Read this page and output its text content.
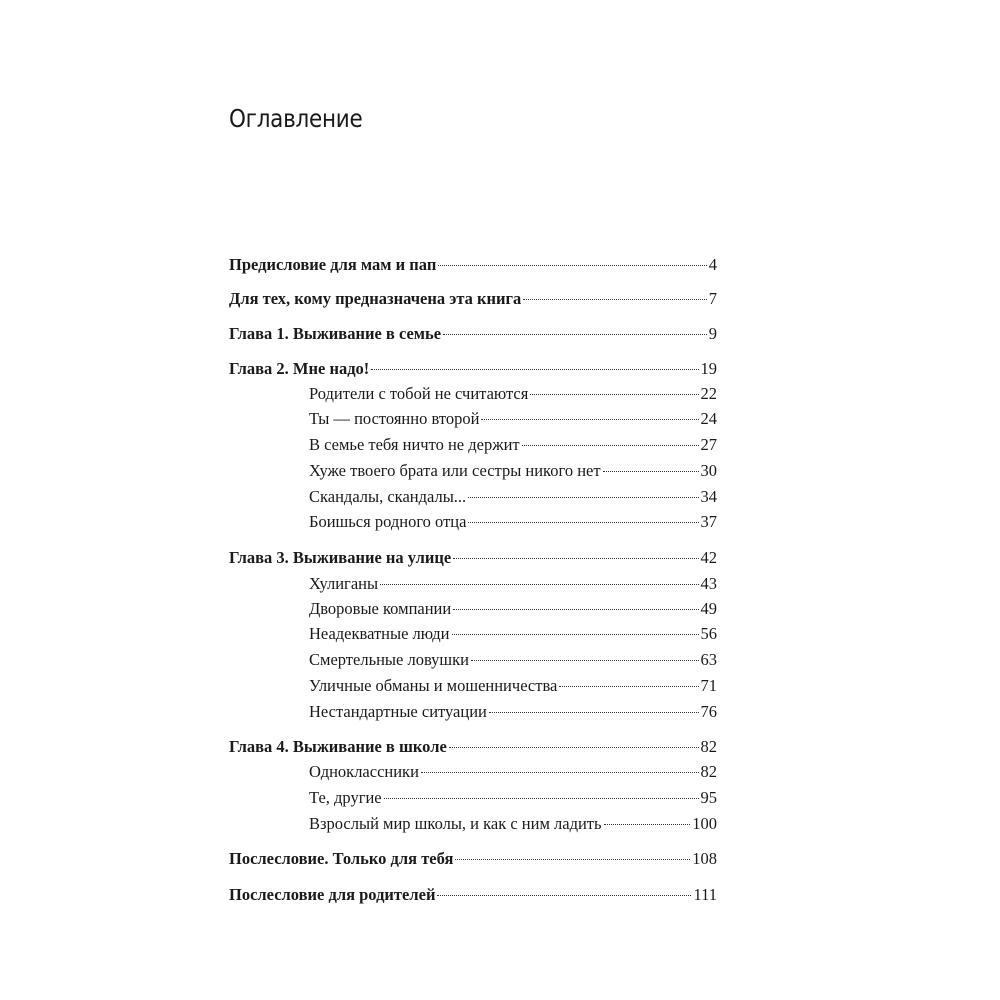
Оглавление
Предисловие для мам и пап	4
Для тех, кому предназначена эта книга	7
Глава 1. Выживание в семье	9
Глава 2. Мне надо!	19
Родители с тобой не считаются	22
Ты — постоянно второй	24
В семье тебя ничто не держит	27
Хуже твоего брата или сестры никого нет	30
Скандалы, скандалы...	34
Боишься родного отца	37
Глава 3. Выживание на улице	42
Хулиганы	43
Дворовые компании	49
Неадекватные люди	56
Смертельные ловушки	63
Уличные обманы и мошенничества	71
Нестандартные ситуации	76
Глава 4. Выживание в школе	82
Одноклассники	82
Те, другие	95
Взрослый мир школы, и как с ним ладить	100
Послесловие. Только для тебя	108
Послесловие для родителей	111
